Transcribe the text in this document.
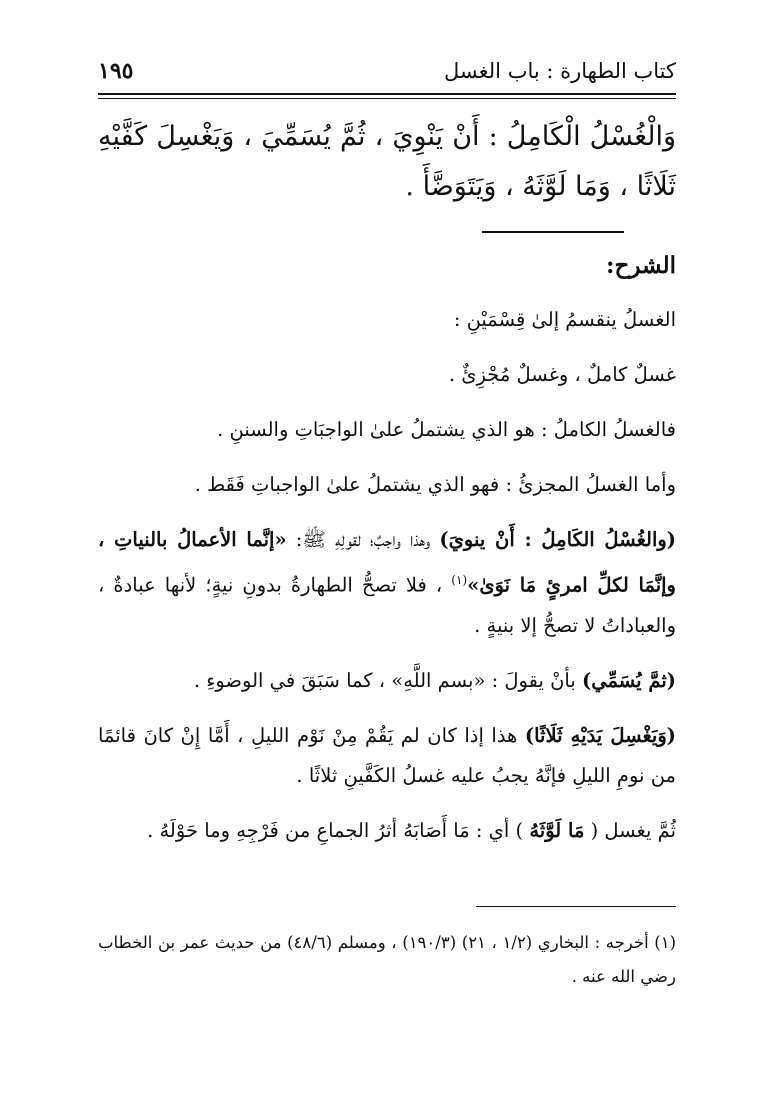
كتاب الطهارة : باب الغسل
١٩٥
وَالْغُسْلُ الْكَامِلُ : أَنْ يَنْوِيَ ، ثُمَّ يُسَمِّيَ ، وَيَغْسِلَ كَفَّيْهِ ثَلَاثًا ، وَمَا لَوَّثَهُ ، وَيَتَوَضَّأَ .
الشرح:

الغسلُ ينقسمُ إلىٰ قِسْمَيْنِ :

غسلٌ كاملٌ ، وغسلٌ مُجْزِئٌ .

فالغسلُ الكاملُ : هو الذي يشتملُ علىٰ الواجبَاتِ والسننِ .

وأما الغسلُ المجزئُ : فهو الذي يشتملُ علىٰ الواجباتِ فَقَط .

(والغُسْلُ الكَامِلُ : أَنْ ينويَ) وهذا واجبٌ؛ لقولِهِ ﷺ: «إنَّما الأعمالُ بالنياتِ ، وإنَّمَا لكلِّ امرئٍ مَا نَوَىٰ»$^{(١)}$ ، فلا تصحُّ الطهارةُ بدونِ نيةٍ؛ لأنها عبادةٌ ، والعباداتُ لا تصحُّ إلا بنيةٍ .

(ثمَّ يُسَمِّي) بأنْ يقولَ : «بسم اللَّهِ» ، كما سَبَقَ في الوضوءِ .

(وَيَغْسِلَ يَدَيْهِ ثَلَاثًا) هذا إذا كان لم يَقُمْ مِنْ نَوْم الليلِ ، أَمَّا إِنْ كانَ قائمًا من نومِ الليلِ فإنَّهُ يجبُ عليه غسلُ الكَفَّينِ ثلاثًا .

ثُمَّ يغسل ( مَا لَوَّثَهُ ) أي : مَا أَصَابَهُ أثرُ الجماعِ من فَرْجِهِ وما حَوْلَهُ .

(١) أخرجه : البخاري (١/٢ ، ٢١) (١٩٠/٣) ، ومسلم (٤٨/٦) من حديث عمر بن الخطاب رضي الله عنه .
